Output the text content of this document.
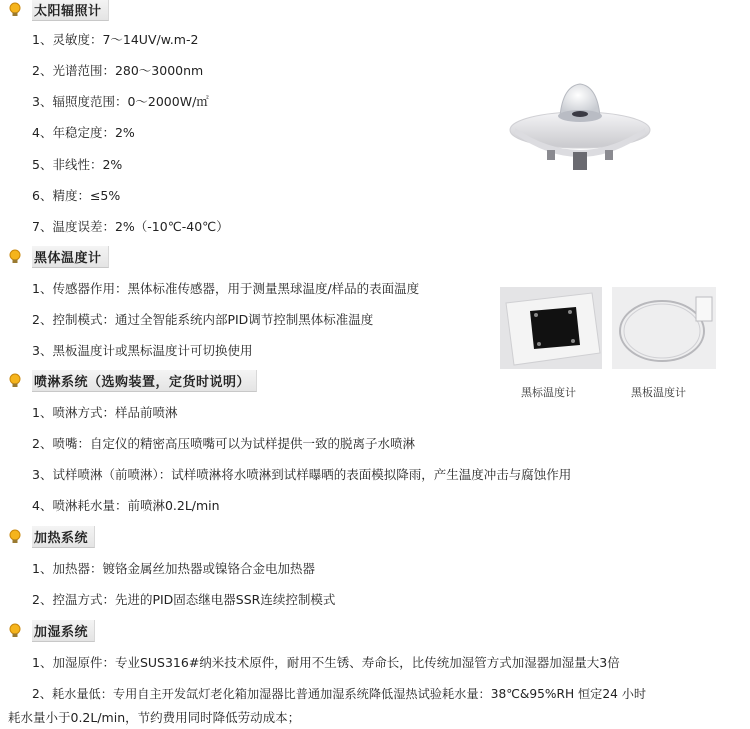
太阳辐照计
1、灵敏度：7～14UV/w.m-2
2、光谱范围：280～3000nm
3、辐照度范围：0～2000W/㎡
4、年稳定度：2%
5、非线性：2%
6、精度：≤5%
7、温度误差：2%（-10℃-40℃）
黑体温度计
1、传感器作用：黑体标准传感器，用于测量黑球温度/样品的表面温度
2、控制模式：通过全智能系统内部PID调节控制黑体标准温度
3、黑板温度计或黑标温度计可切换使用
黑标温度计	黑板温度计
喷淋系统（选购装置，定货时说明）
1、喷淋方式：样品前喷淋
2、喷嘴：自定仪的精密高压喷嘴可以为试样提供一致的脱离子水喷淋
3、试样喷淋（前喷淋）：试样喷淋将水喷淋到试样曝晒的表面模拟降雨，产生温度冲击与腐蚀作用
4、喷淋耗水量：前喷淋0.2L/min
加热系统
1、加热器：镀铬金属丝加热器或镍铬合金电加热器
2、控温方式：先进的PID固态继电器SSR连续控制模式
加湿系统
1、加湿原件：专业SUS316#纳米技术原件，耐用不生锈、寿命长，比传统加湿管方式加湿器加湿量大3倍
2、耗水量低：专用自主开发氙灯老化箱加湿器比普通加湿系统降低湿热试验耗水量：38℃&95%RH 恒定24 小时
耗水量小于0.2L/min，节约费用同时降低劳动成本；
